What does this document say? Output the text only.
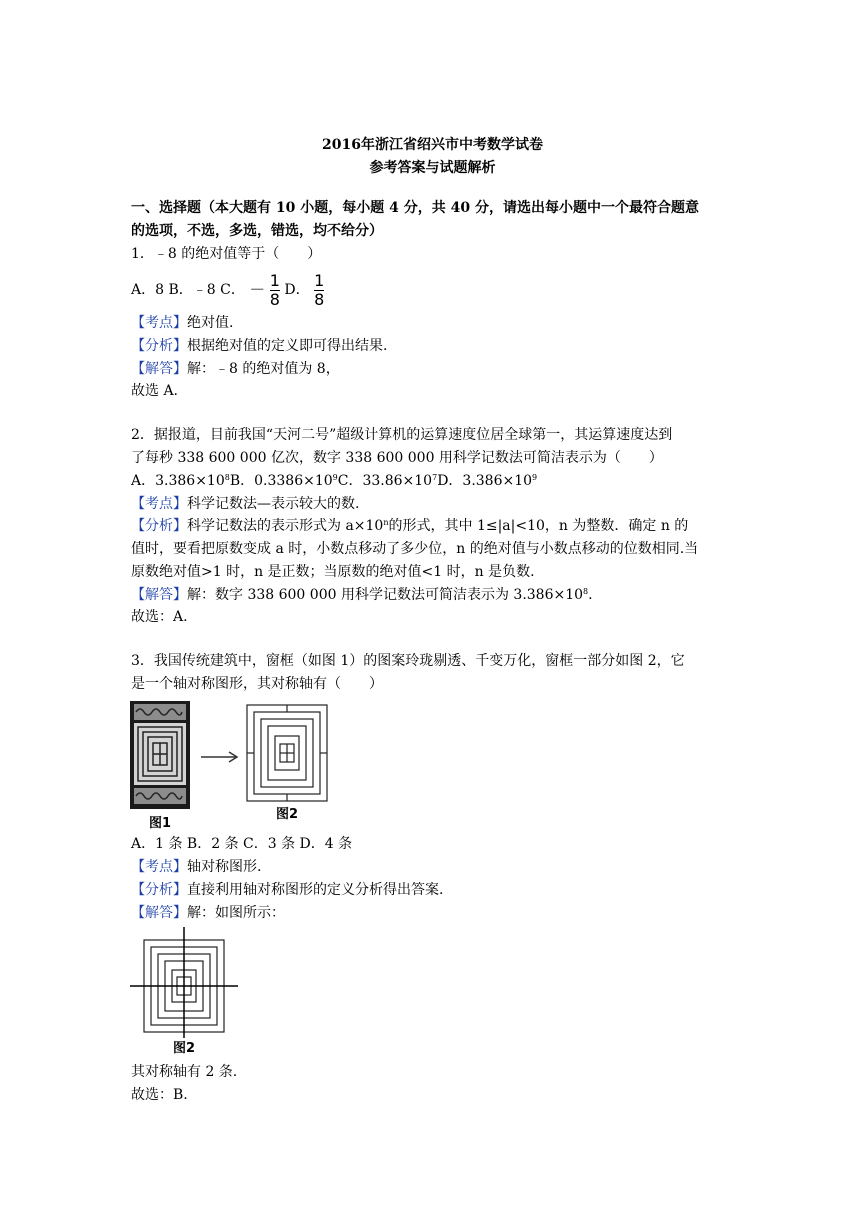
2016年浙江省绍兴市中考数学试卷
参考答案与试题解析
一、选择题（本大题有 10 小题，每小题 4 分，共 40 分，请选出每小题中一个最符合题意
的选项，不选，多选，错选，均不给分）
1．﹣8 的绝对值等于（　　）
A．8 B．﹣8 C． － $\frac{1}{8}$ D． $\frac{1}{8}$
【考点】绝对值.
【分析】根据绝对值的定义即可得出结果.
【解答】解：﹣8 的绝对值为 8，
故选 A.
2．据报道，目前我国“天河二号”超级计算机的运算速度位居全球第一，其运算速度达到
了每秒 338 600 000 亿次，数字 338 600 000 用科学记数法可简洁表示为（　　）
A．$3.386\times 10^8B$．$0.3386\times 10^9C$．$33.86\times 10^7D$．$3.386\times 10^9$
【考点】科学记数法—表示较大的数.
【分析】科学记数法的表示形式为 $a\times 10^n$的形式，其中 1≤|a|<10，n 为整数．确定 n 的
值时，要看把原数变成 a 时，小数点移动了多少位，n 的绝对值与小数点移动的位数相同.当
原数绝对值>1 时，n 是正数；当原数的绝对值<1 时，n 是负数.
【解答】解：数字 338 600 000 用科学记数法可简洁表示为 $3.386\times 10^8$.
故选：A.
3．我国传统建筑中，窗框（如图 1）的图案玲珑剔透、千变万化，窗框一部分如图 2，它
是一个轴对称图形，其对称轴有（　　）
图1
图2
A．1 条 B．2 条 C．3 条 D．4 条
【考点】轴对称图形.
【分析】直接利用轴对称图形的定义分析得出答案.
【解答】解：如图所示：
图2
其对称轴有 2 条.
故选：B.
